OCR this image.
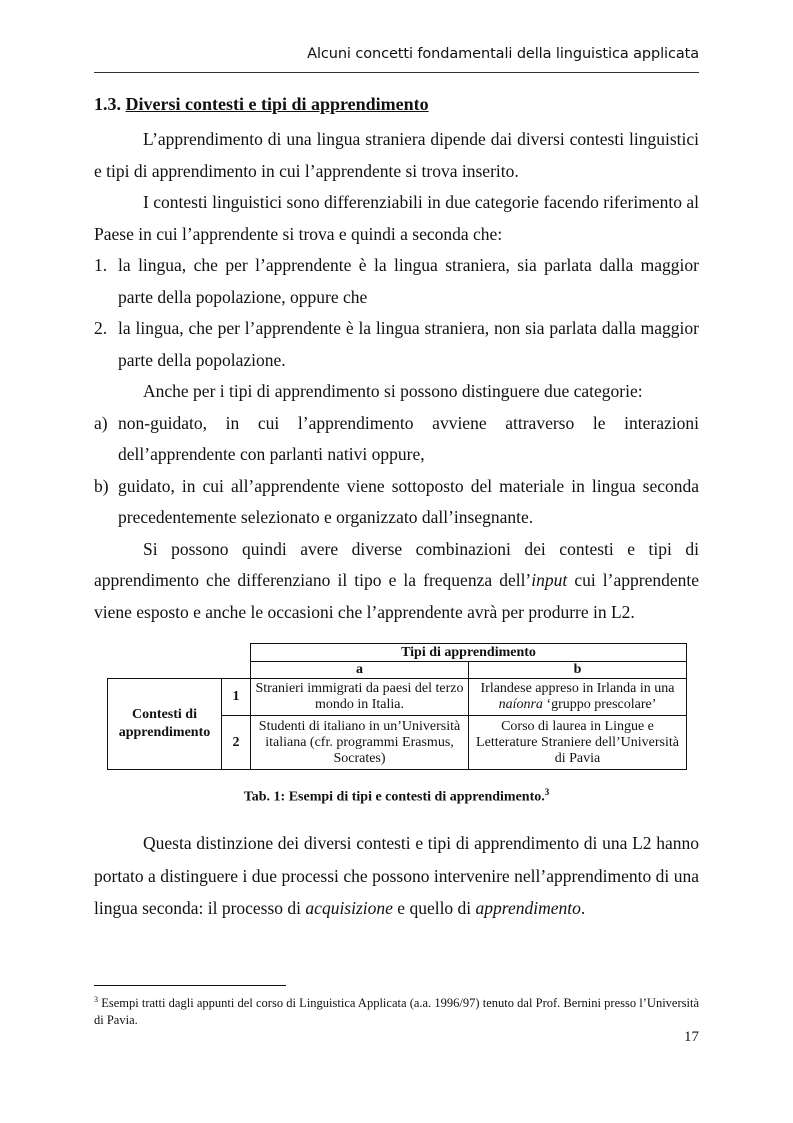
Alcuni concetti fondamentali della linguistica applicata
1.3. Diversi contesti e tipi di apprendimento

L’apprendimento di una lingua straniera dipende dai diversi contesti linguistici e tipi di apprendimento in cui l’apprendente si trova inserito.

I contesti linguistici sono differenziabili in due categorie facendo riferimento al Paese in cui l’apprendente si trova e quindi a seconda che:

1. la lingua, che per l’apprendente è la lingua straniera, sia parlata dalla maggior parte della popolazione, oppure che
2. la lingua, che per l’apprendente è la lingua straniera, non sia parlata dalla maggior parte della popolazione.

Anche per i tipi di apprendimento si possono distinguere due categorie:

a) non-guidato, in cui l’apprendimento avviene attraverso le interazioni dell’apprendente con parlanti nativi oppure,
b) guidato, in cui all’apprendente viene sottoposto del materiale in lingua seconda precedentemente selezionato e organizzato dall’insegnante.

Si possono quindi avere diverse combinazioni dei contesti e tipi di apprendimento che differenziano il tipo e la frequenza dell’input cui l’apprendente viene esposto e anche le occasioni che l’apprendente avrà per produrre in L2.

		Tipi di apprendimento	
		a	b
Contesti di apprendimento	1	Stranieri immigrati da paesi del terzo mondo in Italia.	Irlandese appreso in Irlanda in una naíonra ‘gruppo prescolare’
	2	Studenti di italiano in un’Università italiana (cfr. programmi Erasmus, Socrates)	Corso di laurea in Lingue e Letterature Straniere dell’Università di Pavia
Tab. 1: Esempi di tipi e contesti di apprendimento.$^3$

Questa distinzione dei diversi contesti e tipi di apprendimento di una L2 hanno portato a distinguere i due processi che possono intervenire nell’apprendimento di una lingua seconda: il processo di acquisizione e quello di apprendimento.

$^3$ Esempi tratti dagli appunti del corso di Linguistica Applicata (a.a. 1996/97) tenuto dal Prof. Bernini presso l’Università di Pavia.
17
